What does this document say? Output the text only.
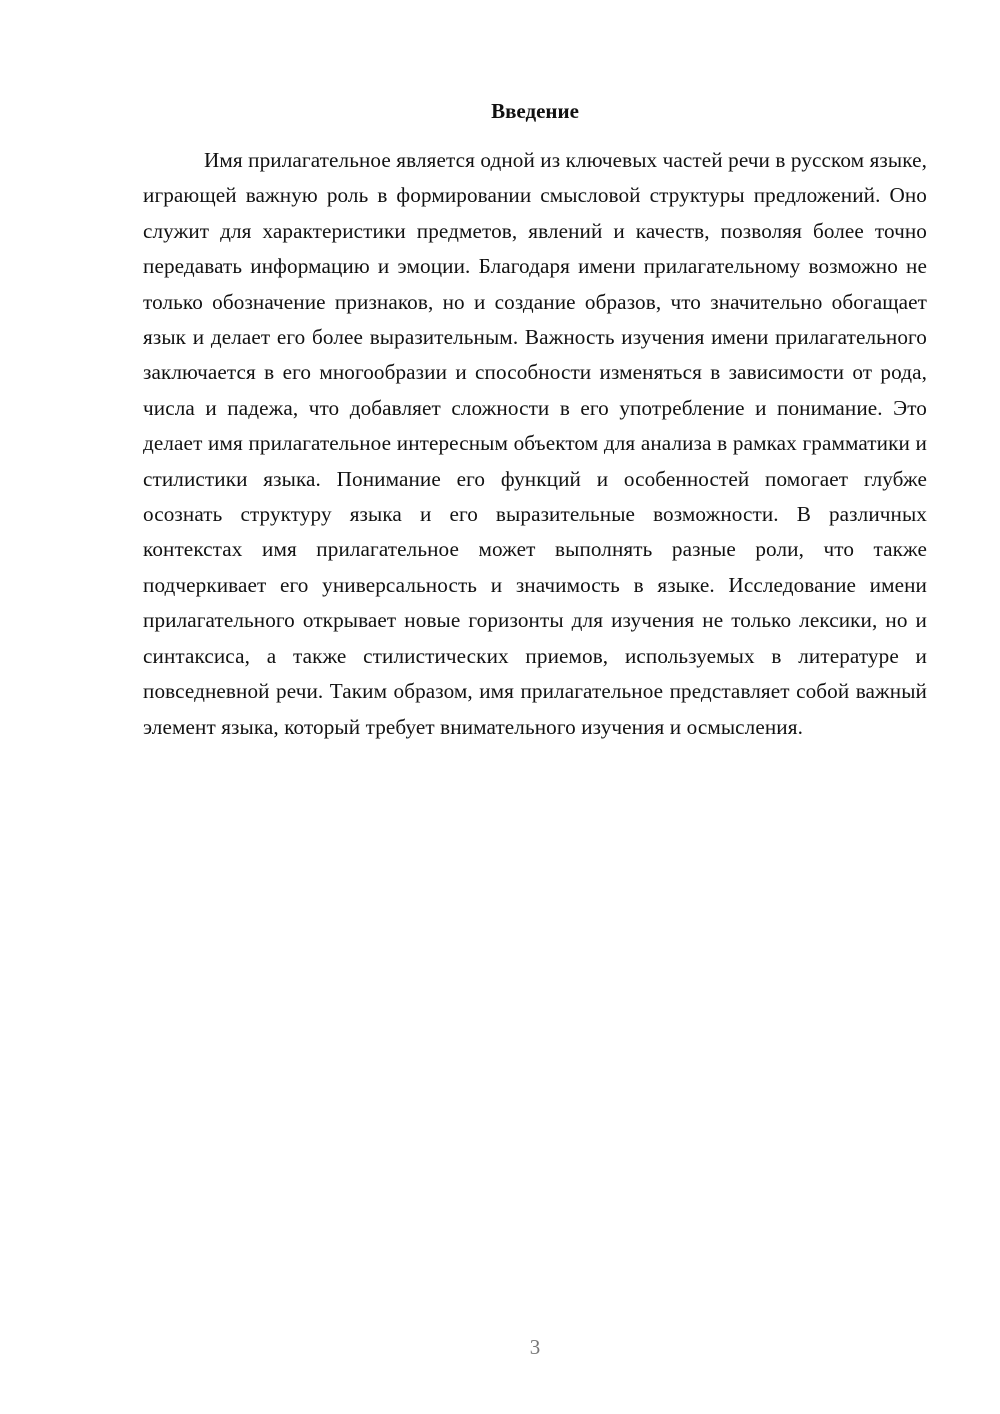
Введение

Имя прилагательное является одной из ключевых частей речи в русском языке, играющей важную роль в формировании смысловой структуры предложений. Оно служит для характеристики предметов, явлений и качеств, позволяя более точно передавать информацию и эмоции. Благодаря имени прилагательному возможно не только обозначение признаков, но и создание образов, что значительно обогащает язык и делает его более выразительным. Важность изучения имени прилагательного заключается в его многообразии и способности изменяться в зависимости от рода, числа и падежа, что добавляет сложности в его употребление и понимание. Это делает имя прилагательное интересным объектом для анализа в рамках грамматики и стилистики языка. Понимание его функций и особенностей помогает глубже осознать структуру языка и его выразительные возможности. В различных контекстах имя прилагательное может выполнять разные роли, что также подчеркивает его универсальность и значимость в языке. Исследование имени прилагательного открывает новые горизонты для изучения не только лексики, но и синтаксиса, а также стилистических приемов, используемых в литературе и повседневной речи. Таким образом, имя прилагательное представляет собой важный элемент языка, который требует внимательного изучения и осмысления.

3
